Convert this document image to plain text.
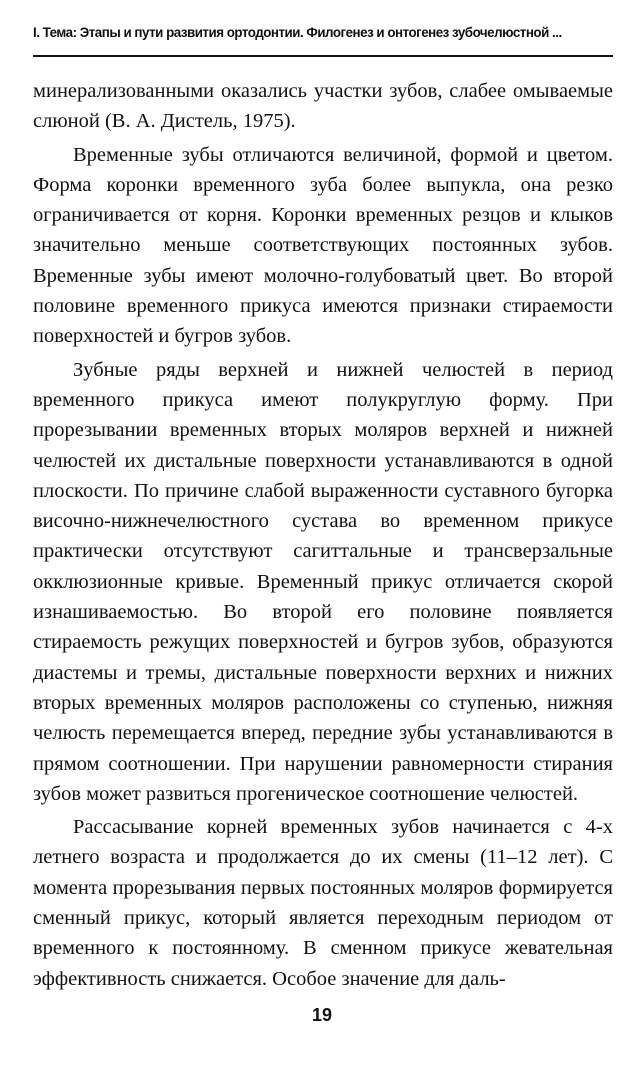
I. Тема: Этапы и пути развития ортодонтии. Филогенез и онтогенез зубочелюстной ...

минерализованными оказались участки зубов, слабее омываемые слюной (В. А. Дистель, 1975).

Временные зубы отличаются величиной, формой и цветом. Форма коронки временного зуба более выпукла, она резко ограничивается от корня. Коронки временных резцов и клыков значительно меньше соответствующих постоянных зубов. Временные зубы имеют молочно-голубоватый цвет. Во второй половине временного прикуса имеются признаки стираемости поверхностей и бугров зубов.

Зубные ряды верхней и нижней челюстей в период временного прикуса имеют полукруглую форму. При прорезывании временных вторых моляров верхней и нижней челюстей их дистальные поверхности устанавливаются в одной плоскости. По причине слабой выраженности суставного бугорка височно-нижнечелюстного сустава во временном прикусе практически отсутствуют сагиттальные и трансверзальные окклюзионные кривые. Временный прикус отличается скорой изнашиваемостью. Во второй его половине появляется стираемость режущих поверхностей и бугров зубов, образуются диастемы и тремы, дистальные поверхности верхних и нижних вторых временных моляров расположены со ступенью, нижняя челюсть перемещается вперед, передние зубы устанавливаются в прямом соотношении. При нарушении равномерности стирания зубов может развиться прогеническое соотношение челюстей.

Рассасывание корней временных зубов начинается с 4-х летнего возраста и продолжается до их смены (11–12 лет). С момента прорезывания первых постоянных моляров формируется сменный прикус, который является переходным периодом от временного к постоянному. В сменном прикусе жевательная эффективность снижается. Особое значение для даль-

19
